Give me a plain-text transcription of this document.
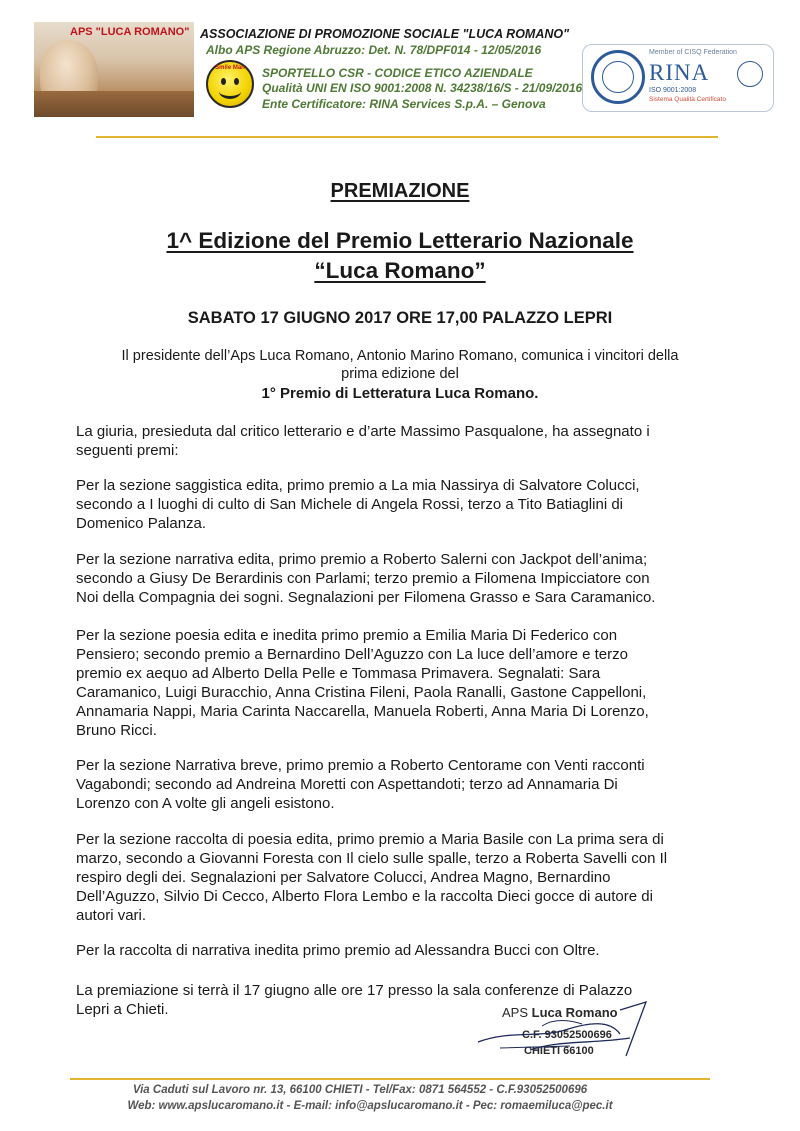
APS "LUCA ROMANO" ASSOCIAZIONE DI PROMOZIONE SOCIALE "LUCA ROMANO"
Albo APS Regione Abruzzo: Det. N. 78/DPF014 - 12/05/2016
Smile Man	SPORTELLO CSR - CODICE ETICO AZIENDALE
Qualità UNI EN ISO 9001:2008 N. 34238/16/S - 21/09/2016
Ente Certificatore: RINA Services S.p.A. – Genova
Member of CISQ Federation
RINA
ISO 9001:2008
Sistema Qualità Certificato
PREMIAZIONE
1^ Edizione del Premio Letterario Nazionale
“Luca Romano”
SABATO 17 GIUGNO 2017 ORE 17,00 PALAZZO LEPRI
Il presidente dell’Aps Luca Romano, Antonio Marino Romano, comunica i vincitori della
prima edizione del
1° Premio di Letteratura Luca Romano.
La giuria, presieduta dal critico letterario e d’arte Massimo Pasqualone, ha assegnato i
seguenti premi:
Per la sezione saggistica edita, primo premio a La mia Nassirya di Salvatore Colucci,
secondo a I luoghi di culto di San Michele di Angela Rossi, terzo a Tito Batiaglini di
Domenico Palanza.
Per la sezione narrativa edita, primo premio a Roberto Salerni con Jackpot dell’anima;
secondo a Giusy De Berardinis con Parlami; terzo premio a Filomena Impicciatore con
Noi della Compagnia dei sogni. Segnalazioni per Filomena Grasso e Sara Caramanico.
Per la sezione poesia edita e inedita primo premio a Emilia Maria Di Federico con
Pensiero; secondo premio a Bernardino Dell’Aguzzo con La luce dell’amore e terzo
premio ex aequo ad Alberto Della Pelle e Tommasa Primavera. Segnalati: Sara
Caramanico, Luigi Buracchio, Anna Cristina Fileni, Paola Ranalli, Gastone Cappelloni,
Annamaria Nappi, Maria Carinta Naccarella, Manuela Roberti, Anna Maria Di Lorenzo,
Bruno Ricci.
Per la sezione Narrativa breve, primo premio a Roberto Centorame con Venti racconti
Vagabondi; secondo ad Andreina Moretti con Aspettandoti; terzo ad Annamaria Di
Lorenzo con A volte gli angeli esistono.
Per la sezione raccolta di poesia edita, primo premio a Maria Basile con La prima sera di
marzo, secondo a Giovanni Foresta con Il cielo sulle spalle, terzo a Roberta Savelli con Il
respiro degli dei. Segnalazioni per Salvatore Colucci, Andrea Magno, Bernardino
Dell’Aguzzo, Silvio Di Cecco, Alberto Flora Lembo e la raccolta Dieci gocce di autore di
autori vari.
Per la raccolta di narrativa inedita primo premio ad Alessandra Bucci con Oltre.
La premiazione si terrà il 17 giugno alle ore 17 presso la sala conferenze di Palazzo
Lepri a Chieti.	APS Luca Romano
C.F. 93052500696
CHIETI 66100
Via Caduti sul Lavoro nr. 13, 66100 CHIETI - Tel/Fax: 0871 564552 - C.F.93052500696
Web: www.apslucaromano.it - E-mail: info@apslucaromano.it - Pec: romaemiluca@pec.it
